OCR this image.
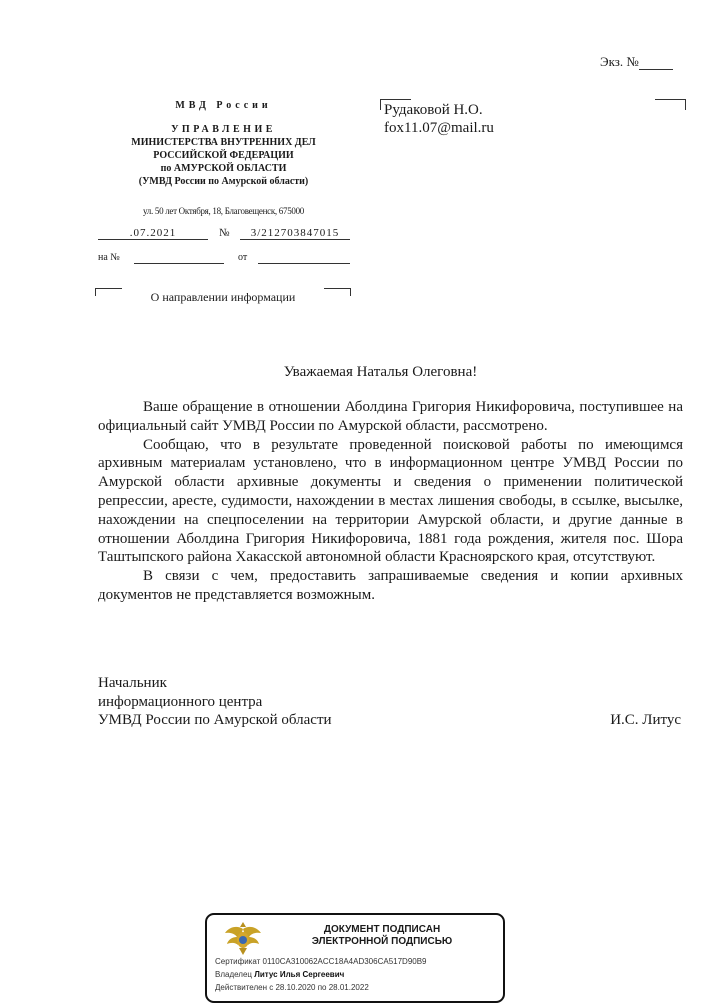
Экз. №
МВД России
УПРАВЛЕНИЕ
МИНИСТЕРСТВА ВНУТРЕННИХ ДЕЛ
РОССИЙСКОЙ ФЕДЕРАЦИИ
по АМУРСКОЙ ОБЛАСТИ
(УМВД России по Амурской области)
ул. 50 лет Октября, 18, Благовещенск, 675000
.07.2021	№	3/212703847015
на №	от
О направлении информации
Рудаковой Н.О.
fox11.07@mail.ru
Уважаемая Наталья Олеговна!

Ваше обращение в отношении Аболдина Григория Никифоровича, поступившее на официальный сайт УМВД России по Амурской области, рассмотрено.

Сообщаю, что в результате проведенной поисковой работы по имеющимся архивным материалам установлено, что в информационном центре УМВД России по Амурской области архивные документы и сведения о применении политической репрессии, аресте, судимости, нахождении в местах лишения свободы, в ссылке, высылке, нахождении на спецпоселении на территории Амурской области, и другие данные в отношении Аболдина Григория Никифоровича, 1881 года рождения, жителя пос. Шора Таштыпского района Хакасской автономной области Красноярского края, отсутствуют.

В связи с чем, предоставить запрашиваемые сведения и копии архивных документов не представляется возможным.

Начальник
информационного центра
УМВД России по Амурской области	И.С. Литус
ДОКУМЕНТ ПОДПИСАН
ЭЛЕКТРОННОЙ ПОДПИСЬЮ
Сертификат 0110CA310062ACC18A4AD306CA517D90B9
Владелец Литус Илья Сергеевич
Действителен с 28.10.2020 по 28.01.2022
